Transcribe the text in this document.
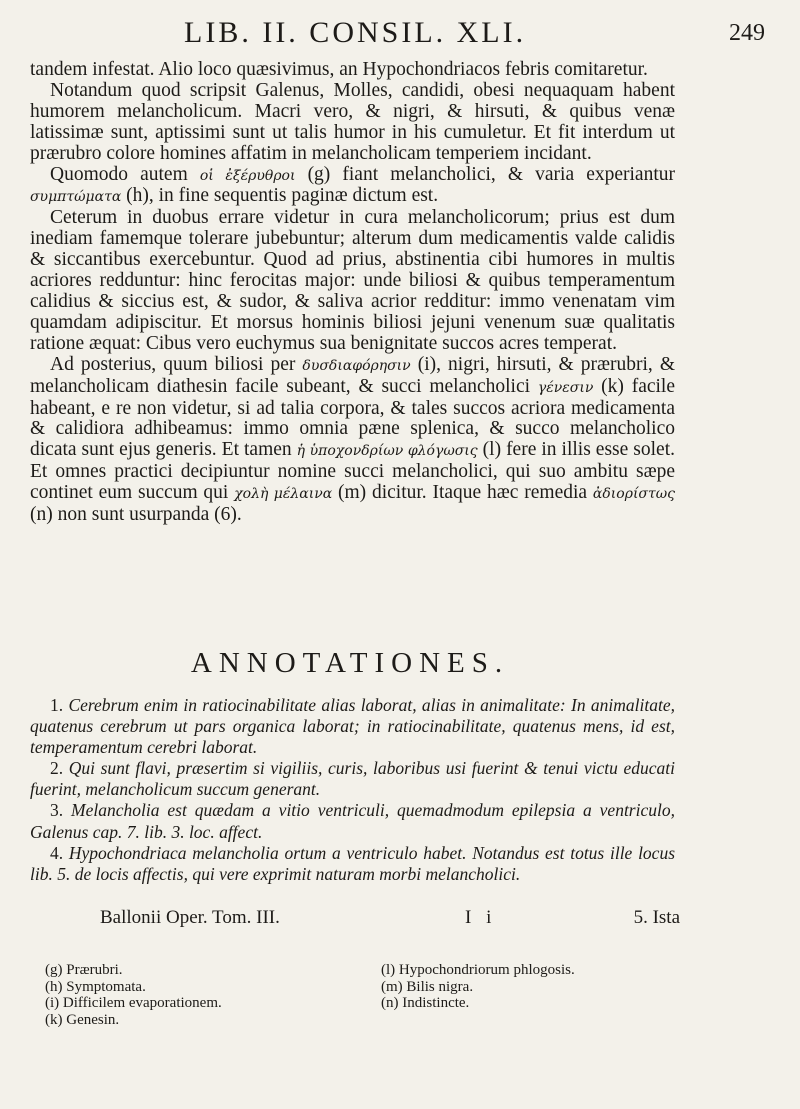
LIB. II. CONSIL. XLI.	249

tandem infestat. Alio loco quæsivimus, an Hypochondriacos febris comitaretur.

Notandum quod scripsit Galenus, Molles, candidi, obesi nequaquam habent humorem melancholicum. Macri vero, & nigri, & hirsuti, & quibus venæ latissimæ sunt, aptissimi sunt ut talis humor in his cumuletur. Et fit interdum ut prærubro colore homines affatim in melancholicam temperiem incidant.

Quomodo autem οἱ ἐξέρυθροι (g) fiant melancholici, & varia experiantur συμπτώματα (h), in fine sequentis paginæ dictum est.

Ceterum in duobus errare videtur in cura melancholicorum; prius est dum inediam famemque tolerare jubebuntur; alterum dum medicamentis valde calidis & siccantibus exercebuntur. Quod ad prius, abstinentia cibi humores in multis acriores redduntur: hinc ferocitas major: unde biliosi & quibus temperamentum calidius & siccius est, & sudor, & saliva acrior redditur: immo venenatam vim quamdam adipiscitur. Et morsus hominis biliosi jejuni venenum suæ qualitatis ratione æquat: Cibus vero euchymus sua benignitate succos acres temperat.

Ad posterius, quum biliosi per δυσδιαφόρησιν (i), nigri, hirsuti, & prærubri, & melancholicam diathesin facile subeant, & succi melancholici γένεσιν (k) facile habeant, e re non videtur, si ad talia corpora, & tales succos acriora medicamenta & calidiora adhibeamus: immo omnia pæne splenica, & succo melancholico dicata sunt ejus generis. Et tamen ἡ ὑποχονδρίων φλόγωσις (l) fere in illis esse solet. Et omnes practici decipiuntur nomine succi melancholici, qui suo ambitu sæpe continet eum succum qui χολὴ μέλαινα (m) dicitur. Itaque hæc remedia ἀδιορίστως (n) non sunt usurpanda (6).

ANNOTATIONES.

1. Cerebrum enim in ratiocinabilitate alias laborat, alias in animalitate: In animalitate, quatenus cerebrum ut pars organica laborat; in ratiocinabilitate, quatenus mens, id est, temperamentum cerebri laborat.

2. Qui sunt flavi, præsertim si vigiliis, curis, laboribus usi fuerint & tenui victu educati fuerint, melancholicum succum generant.

3. Melancholia est quædam a vitio ventriculi, quemadmodum epilepsia a ventriculo, Galenus cap. 7. lib. 3. loc. affect.

4. Hypochondriaca melancholia ortum a ventriculo habet. Notandus est totus ille locus lib. 5. de locis affectis, qui vere exprimit naturam morbi melancholici.

Ballonii Oper. Tom. III.	I i	5. Ista
(g) Prærubri.
(h) Symptomata.
(i) Difficilem evaporationem.
(k) Genesin.
(l) Hypochondriorum phlogosis.
(m) Bilis nigra.
(n) Indistincte.
